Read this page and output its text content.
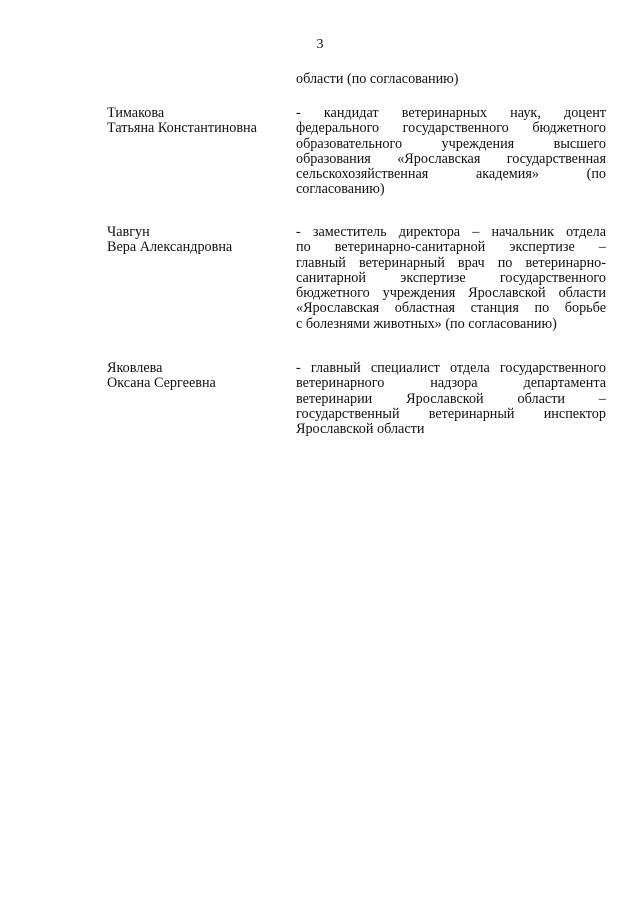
3
области (по согласованию)
Тимакова
Татьяна Константиновна
- кандидат ветеринарных наук, доцент
федерального государственного бюджетного
образовательного учреждения высшего
образования «Ярославская государственная
сельскохозяйственная академия» (по
согласованию)
Чавгун
Вера Александровна
- заместитель директора – начальник отдела
по ветеринарно-санитарной экспертизе –
главный ветеринарный врач по ветеринарно-
санитарной экспертизе государственного
бюджетного учреждения Ярославской области
«Ярославская областная станция по борьбе
с болезнями животных» (по согласованию)
Яковлева
Оксана Сергеевна
- главный специалист отдела государственного
ветеринарного надзора департамента
ветеринарии Ярославской области –
государственный ветеринарный инспектор
Ярославской области
